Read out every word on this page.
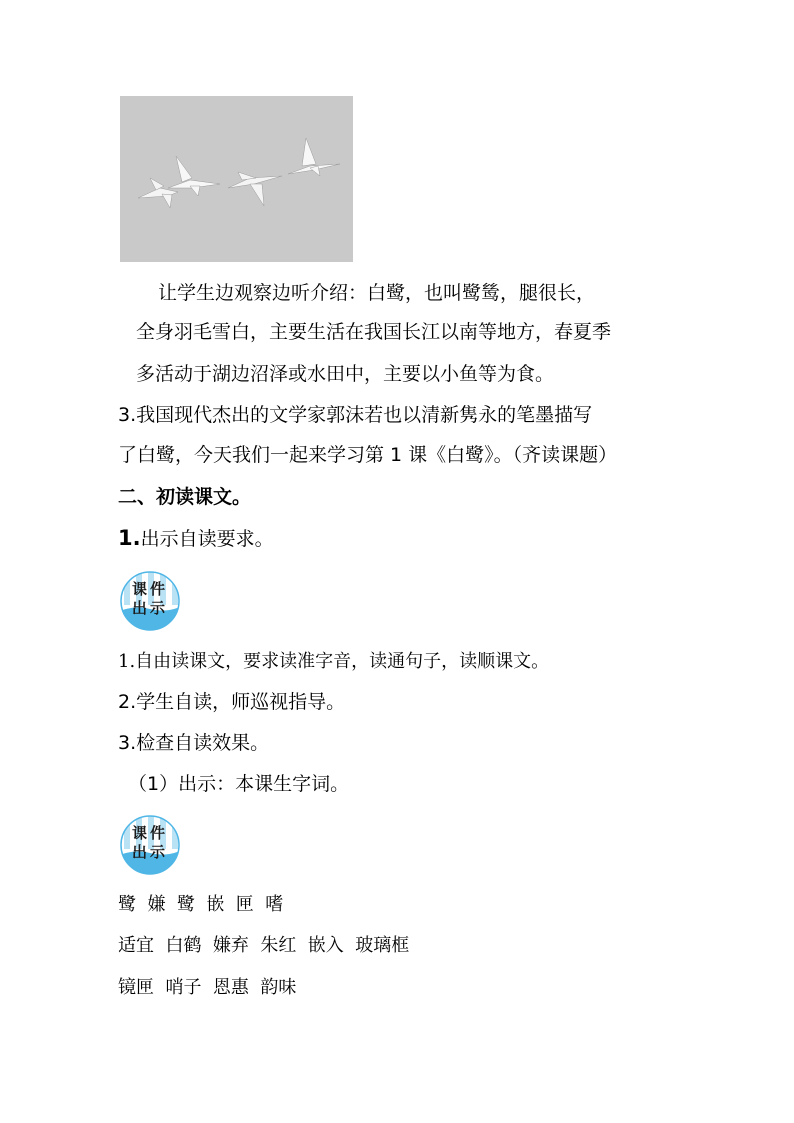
让学生边观察边听介绍：白鹭，也叫鹭鸶，腿很长，
全身羽毛雪白，主要生活在我国长江以南等地方，春夏季
多活动于湖边沼泽或水田中，主要以小鱼等为食。
3.我国现代杰出的文学家郭沫若也以清新隽永的笔墨描写
了白鹭，今天我们一起来学习第 1 课《白鹭》。（齐读课题）
二、初读课文。
1.出示自读要求。
课件
出示
1.自由读课文，要求读准字音，读通句子，读顺课文。
2.学生自读，师巡视指导。
3.检查自读效果。
（1）出示：本课生字词。
课件
出示
鹭  嫌  鹭  嵌  匣  嗜
适宜  白鹤  嫌弃  朱红  嵌入  玻璃框
镜匣  哨子  恩惠  韵味
